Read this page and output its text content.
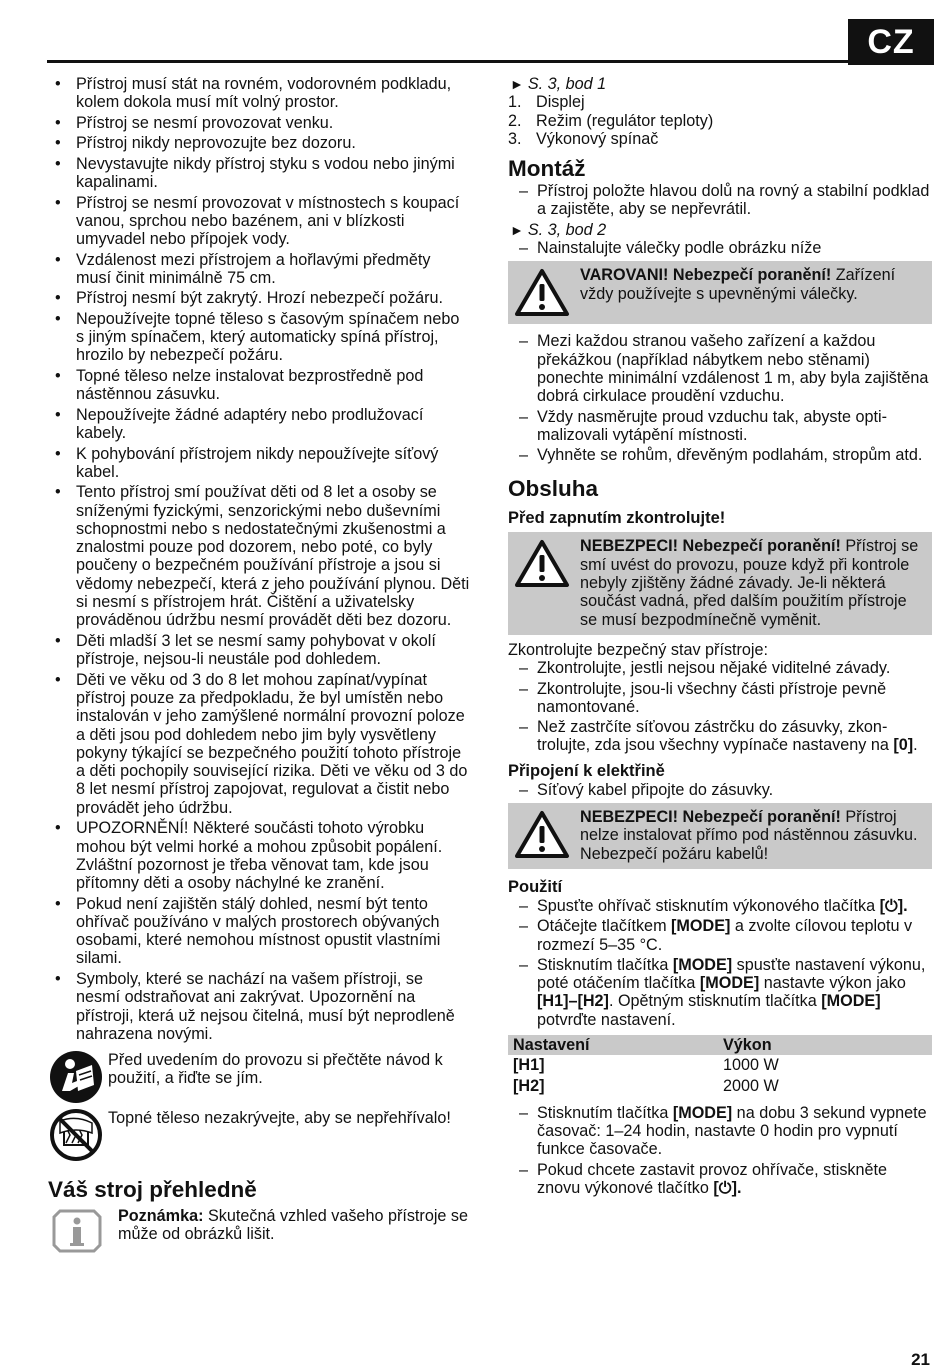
CZ
• Přístroj musí stát na rovném, vodorovném podkladu, kolem dokola musí mít volný prostor.
• Přístroj se nesmí provozovat venku.
• Přístroj nikdy neprovozujte bez dozoru.
• Nevystavujte nikdy přístroj styku s vodou nebo jinými kapalinami.
• Přístroj se nesmí provozovat v místnostech s koupací vanou, sprchou nebo bazénem, ani v blízkosti umyvadel nebo přípojek vody.
• Vzdálenost mezi přístrojem a hořlavými předměty musí činit minimálně 75 cm.
• Přístroj nesmí být zakrytý. Hrozí nebezpečí požáru.
• Nepoužívejte topné těleso s časovým spínačem nebo s jiným spínačem, který automaticky spíná přístroj, hrozilo by nebezpečí požáru.
• Topné těleso nelze instalovat bezprostředně pod nástěnnou zásuvku.
• Nepoužívejte žádné adaptéry nebo prodlužovací kabely.
• K pohybování přístrojem nikdy nepoužívejte síťový kabel.
• Tento přístroj smí používat děti od 8 let a osoby se sníženými fyzickými, senzorickými nebo duševními schopnostmi nebo s nedostatečnými zkušenostmi a znalostmi pouze pod dozorem, nebo poté, co byly poučeny o bezpečném používání přístroje a jsou si vědomy nebezpečí, která z jeho používání plynou. Děti si nesmí s přístrojem hrát. Čištění a uživatelsky prováděnou údržbu nesmí provádět děti bez dozoru.
• Děti mladší 3 let se nesmí samy pohybovat v okolí přístroje, nejsou-li neustále pod dohledem.
• Děti ve věku od 3 do 8 let mohou zapínat/vypínat přístroj pouze za předpokladu, že byl umístěn nebo instalován v jeho zamýšlené normální provozní poloze a děti jsou pod dohledem nebo jim byly vysvětleny pokyny týkající se bezpečného použití tohoto přístroje a děti pochopily související rizika. Děti ve věku od 3 do 8 let nesmí přístroj zapojovat, regulovat a čistit nebo provádět jeho údržbu.
• UPOZORNĚNÍ! Některé součásti tohoto výrobku mohou být velmi horké a mohou způsobit popálení. Zvláštní pozornost je třeba věnovat tam, kde jsou přítomny děti a osoby náchylné ke zranění.
• Pokud není zajištěn stálý dohled, nesmí být tento ohřívač používáno v malých prostorech obývaných osobami, které nemohou místnost opustit vlastními silami.
• Symboly, které se nachází na vašem přístroji, se nesmí odstraňovat ani zakrývat. Upozornění na přístroji, která už nejsou čitelná, musí být neprodleně nahrazena novými.
Před uvedením do provozu si přečtěte návod k použití, a řiďte se jím.
Topné těleso nezakrývejte, aby se nepřehřívalo!
Váš stroj přehledně
Poznámka: Skutečná vzhled vašeho přístroje se může od obrázků lišit.
► S. 3, bod 1
1. Displej
2. Režim (regulátor teploty)
3. Výkonový spínač
Montáž
– Přístroj položte hlavou dolů na rovný a stabilní podklad a zajistěte, aby se nepřevrátil.
► S. 3, bod 2
– Nainstalujte válečky podle obrázku níže
VAROVANI! Nebezpečí poranění! Zařízení vždy používejte s upevněnými válečky.
– Mezi každou stranou vašeho zařízení a každou překážkou (například nábytkem nebo stěnami) ponechte minimální vzdálenost 1 m, aby byla zajištěna dobrá cirkulace proudění vzduchu.
– Vždy nasměrujte proud vzduchu tak, abyste optimalizovali vytápění místnosti.
– Vyhněte se rohům, dřevěným podlahám, stropům atd.
Obsluha
Před zapnutím zkontrolujte!
NEBEZPECI! Nebezpečí poranění! Přístroj se smí uvést do provozu, pouze když při kontrole nebyly zjištěny žádné závady. Je-li některá součást vadná, před dalším použitím přístroje se musí bezpodmínečně vyměnit.
Zkontrolujte bezpečný stav přístroje:
– Zkontrolujte, jestli nejsou nějaké viditelné závady.
– Zkontrolujte, jsou-li všechny části přístroje pevně namontované.
– Než zastrčíte síťovou zástrčku do zásuvky, zkontrolujte, zda jsou všechny vypínače nastaveny na [0].
Připojení k elektřině
– Síťový kabel připojte do zásuvky.
NEBEZPECI! Nebezpečí poranění! Přístroj nelze instalovat přímo pod nástěnnou zásuvku. Nebezpečí požáru kabelů!
Použití
– Spusťte ohřívač stisknutím výkonového tlačítka [⏻].
– Otáčejte tlačítkem [MODE] a zvolte cílovou teplotu v rozmezí 5–35 °C.
– Stisknutím tlačítka [MODE] spusťte nastavení výkonu, poté otáčením tlačítka [MODE] nastavte výkon jako [H1]–[H2]. Opětným stisknutím tlačítka [MODE] potvrďte nastavení.
Nastavení	Výkon
[H1]	1000 W
[H2]	2000 W
– Stisknutím tlačítka [MODE] na dobu 3 sekund vypnete časovač: 1–24 hodin, nastavte 0 hodin pro vypnutí funkce časovače.
– Pokud chcete zastavit provoz ohřívače, stiskněte znovu výkonové tlačítko [⏻].
21
